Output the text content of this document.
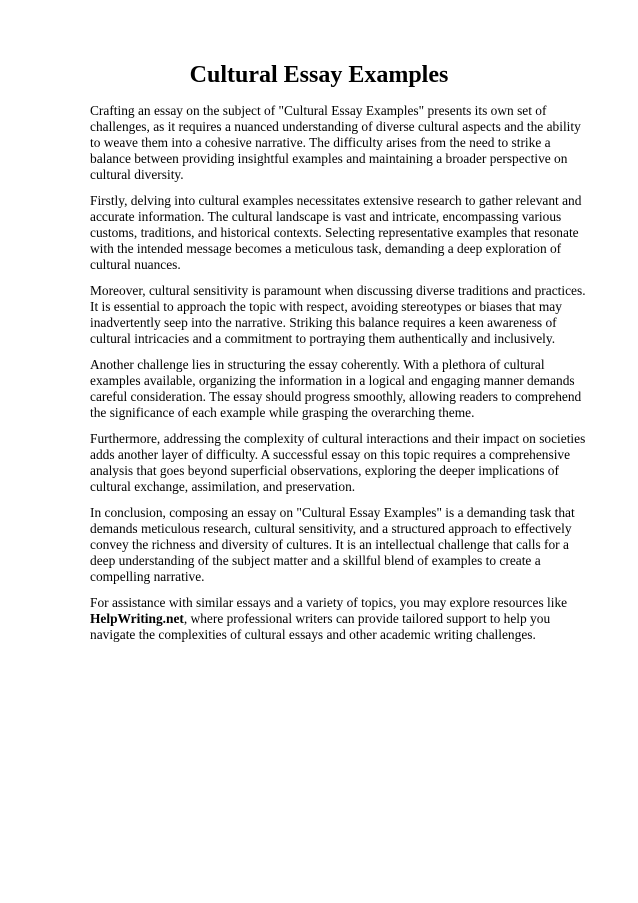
Cultural Essay Examples

Crafting an essay on the subject of "Cultural Essay Examples" presents its own set of challenges, as it requires a nuanced understanding of diverse cultural aspects and the ability to weave them into a cohesive narrative. The difficulty arises from the need to strike a balance between providing insightful examples and maintaining a broader perspective on cultural diversity.

Firstly, delving into cultural examples necessitates extensive research to gather relevant and accurate information. The cultural landscape is vast and intricate, encompassing various customs, traditions, and historical contexts. Selecting representative examples that resonate with the intended message becomes a meticulous task, demanding a deep exploration of cultural nuances.

Moreover, cultural sensitivity is paramount when discussing diverse traditions and practices. It is essential to approach the topic with respect, avoiding stereotypes or biases that may inadvertently seep into the narrative. Striking this balance requires a keen awareness of cultural intricacies and a commitment to portraying them authentically and inclusively.

Another challenge lies in structuring the essay coherently. With a plethora of cultural examples available, organizing the information in a logical and engaging manner demands careful consideration. The essay should progress smoothly, allowing readers to comprehend the significance of each example while grasping the overarching theme.

Furthermore, addressing the complexity of cultural interactions and their impact on societies adds another layer of difficulty. A successful essay on this topic requires a comprehensive analysis that goes beyond superficial observations, exploring the deeper implications of cultural exchange, assimilation, and preservation.

In conclusion, composing an essay on "Cultural Essay Examples" is a demanding task that demands meticulous research, cultural sensitivity, and a structured approach to effectively convey the richness and diversity of cultures. It is an intellectual challenge that calls for a deep understanding of the subject matter and a skillful blend of examples to create a compelling narrative.

For assistance with similar essays and a variety of topics, you may explore resources like HelpWriting.net, where professional writers can provide tailored support to help you navigate the complexities of cultural essays and other academic writing challenges.
